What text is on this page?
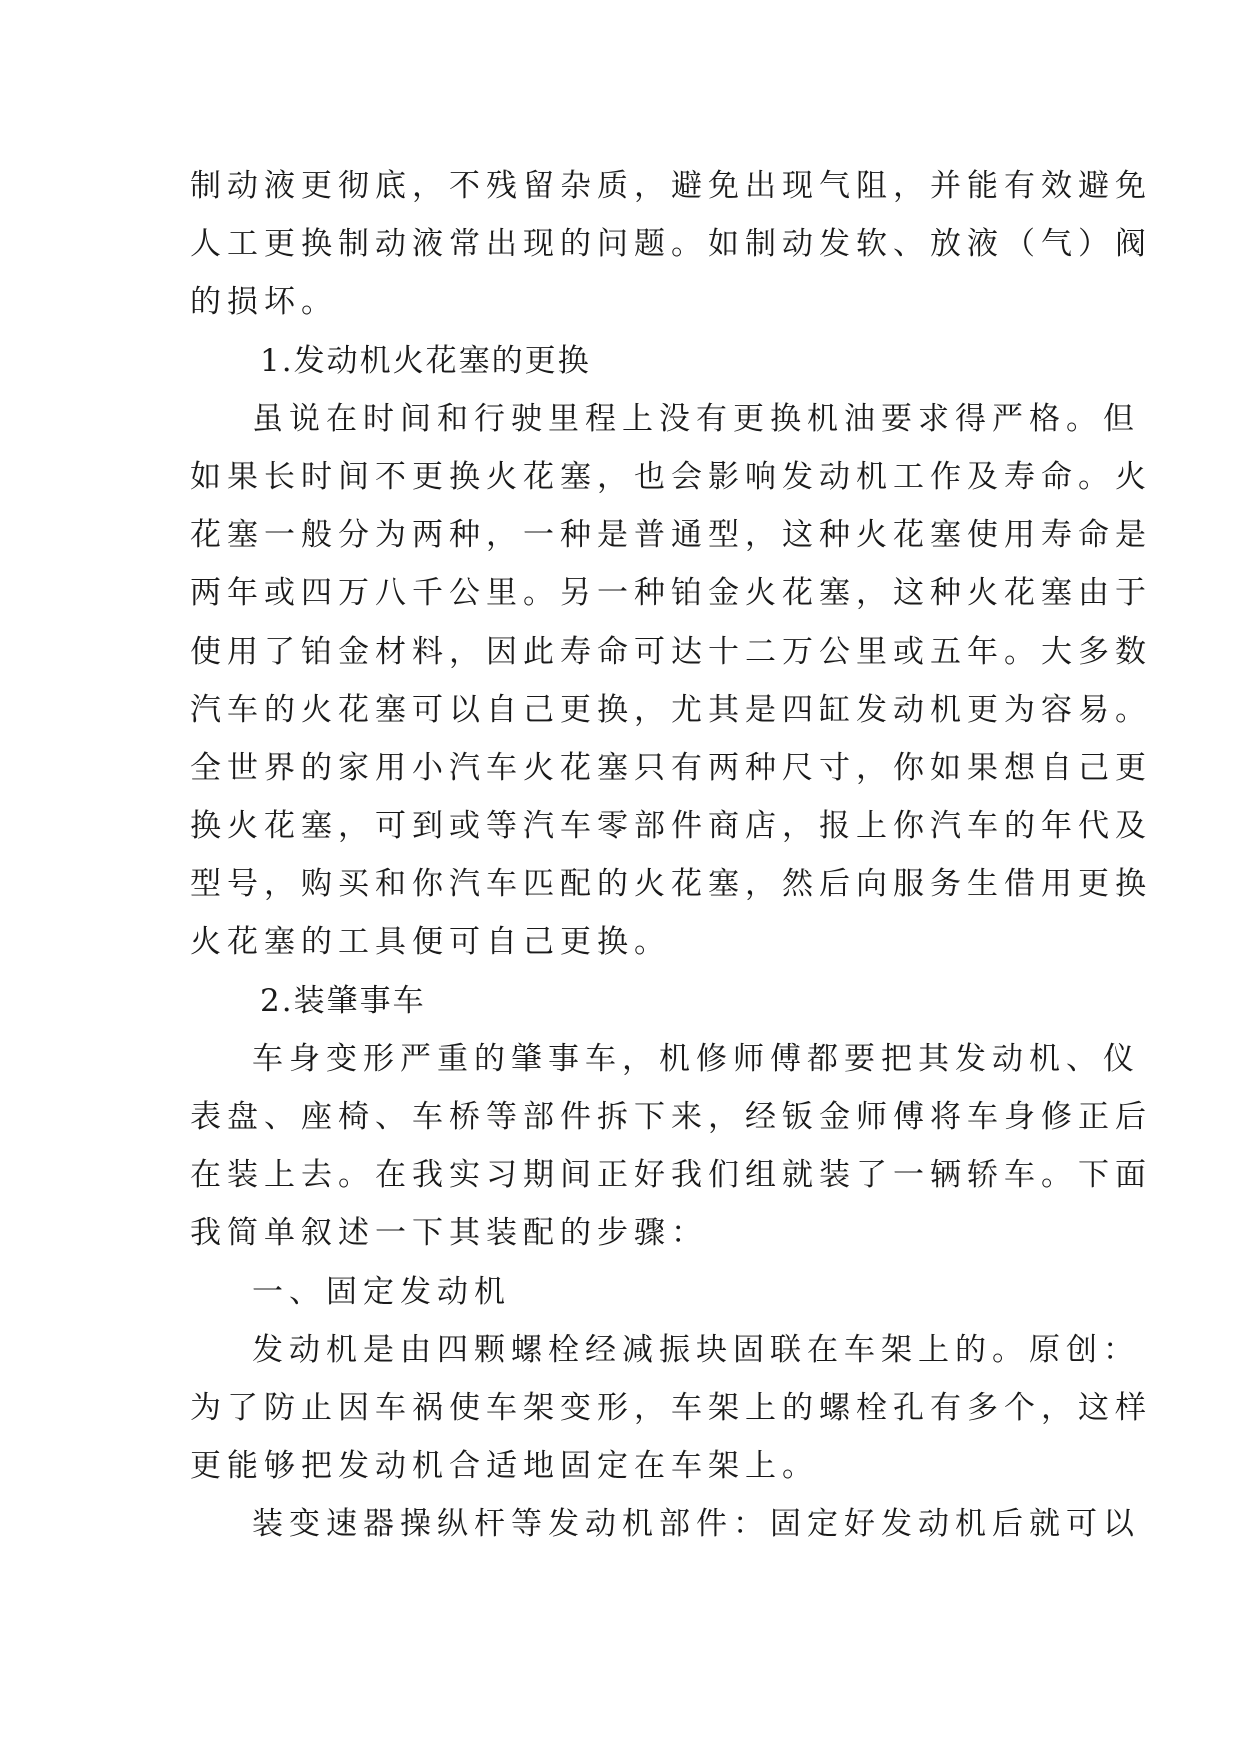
制动液更彻底，不残留杂质，避免出现气阻，并能有效避免
人工更换制动液常出现的问题。如制动发软、放液（气）阀
的损坏。
1.发动机火花塞的更换
虽说在时间和行驶里程上没有更换机油要求得严格。但
如果长时间不更换火花塞，也会影响发动机工作及寿命。火
花塞一般分为两种，一种是普通型，这种火花塞使用寿命是
两年或四万八千公里。另一种铂金火花塞，这种火花塞由于
使用了铂金材料，因此寿命可达十二万公里或五年。大多数
汽车的火花塞可以自己更换，尤其是四缸发动机更为容易。
全世界的家用小汽车火花塞只有两种尺寸，你如果想自己更
换火花塞，可到或等汽车零部件商店，报上你汽车的年代及
型号，购买和你汽车匹配的火花塞，然后向服务生借用更换
火花塞的工具便可自己更换。
2.装肇事车
车身变形严重的肇事车，机修师傅都要把其发动机、仪
表盘、座椅、车桥等部件拆下来，经钣金师傅将车身修正后
在装上去。在我实习期间正好我们组就装了一辆轿车。下面
我简单叙述一下其装配的步骤：
一、固定发动机
发动机是由四颗螺栓经减振块固联在车架上的。原创：
为了防止因车祸使车架变形，车架上的螺栓孔有多个，这样
更能够把发动机合适地固定在车架上。
装变速器操纵杆等发动机部件：固定好发动机后就可以
